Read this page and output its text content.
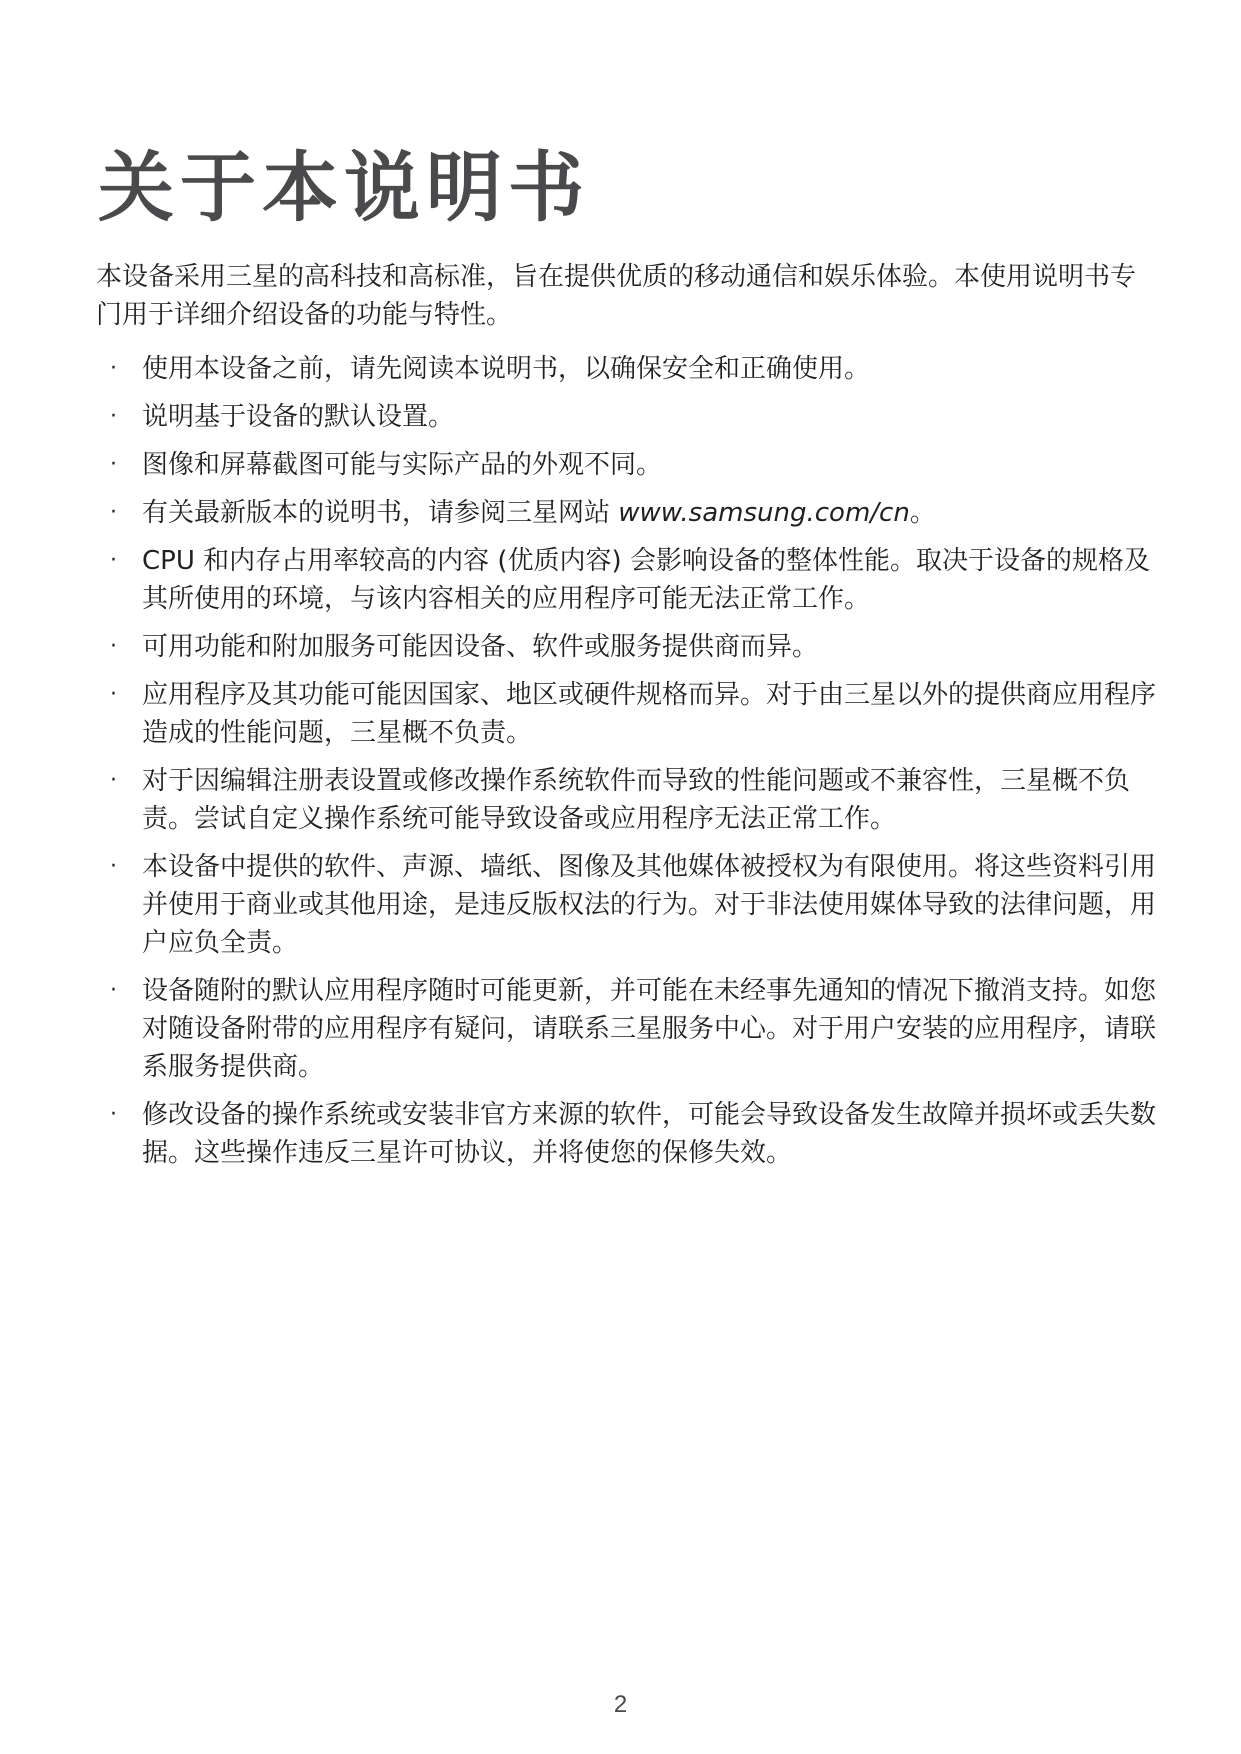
关于本说明书

本设备采用三星的高科技和高标准，旨在提供优质的移动通信和娱乐体验。本使用说明书专门用于详细介绍设备的功能与特性。

· 使用本设备之前，请先阅读本说明书，以确保安全和正确使用。
· 说明基于设备的默认设置。
· 图像和屏幕截图可能与实际产品的外观不同。
· 有关最新版本的说明书，请参阅三星网站 www.samsung.com/cn。
· CPU 和内存占用率较高的内容 (优质内容) 会影响设备的整体性能。取决于设备的规格及其所使用的环境，与该内容相关的应用程序可能无法正常工作。
· 可用功能和附加服务可能因设备、软件或服务提供商而异。
· 应用程序及其功能可能因国家、地区或硬件规格而异。对于由三星以外的提供商应用程序造成的性能问题，三星概不负责。
· 对于因编辑注册表设置或修改操作系统软件而导致的性能问题或不兼容性，三星概不负责。尝试自定义操作系统可能导致设备或应用程序无法正常工作。
· 本设备中提供的软件、声源、墙纸、图像及其他媒体被授权为有限使用。将这些资料引用并使用于商业或其他用途，是违反版权法的行为。对于非法使用媒体导致的法律问题，用户应负全责。
· 设备随附的默认应用程序随时可能更新，并可能在未经事先通知的情况下撤消支持。如您对随设备附带的应用程序有疑问，请联系三星服务中心。对于用户安装的应用程序，请联系服务提供商。
· 修改设备的操作系统或安装非官方来源的软件，可能会导致设备发生故障并损坏或丢失数据。这些操作违反三星许可协议，并将使您的保修失效。
2
